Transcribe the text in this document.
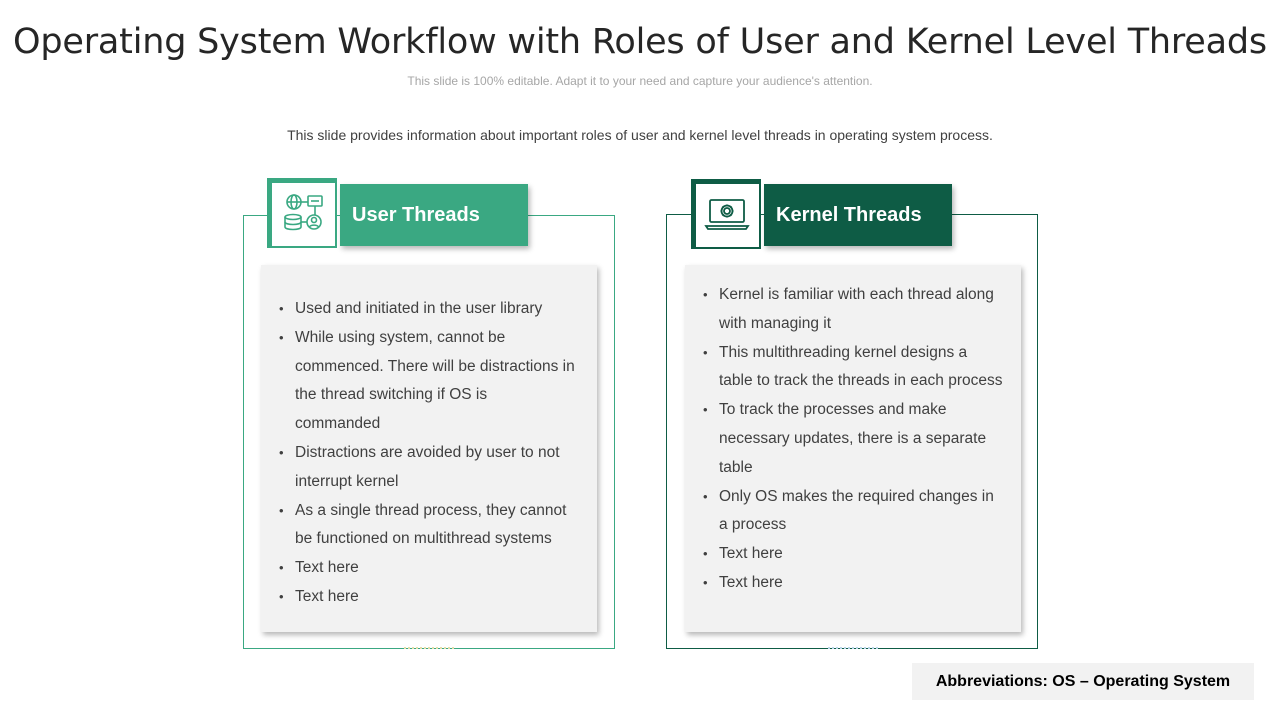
Operating System Workflow with Roles of User and Kernel Level Threads
This slide is 100% editable. Adapt it to your need and capture your audience's attention.
This slide provides information about important roles of user and kernel level threads in operating system process.
• Used and initiated in the user library
• While using system, cannot be commenced. There will be distractions in the thread switching if OS is commanded
• Distractions are avoided by user to not interrupt kernel
• As a single thread process, they cannot be functioned on multithread systems
• Text here
• Text here
User Threads
• Kernel is familiar with each thread along with managing it
• This multithreading kernel designs a table to track the threads in each process
• To track the processes and make necessary updates, there is a separate table
• Only OS makes the required changes in a process
• Text here
• Text here
Kernel Threads
Abbreviations: OS – Operating System
